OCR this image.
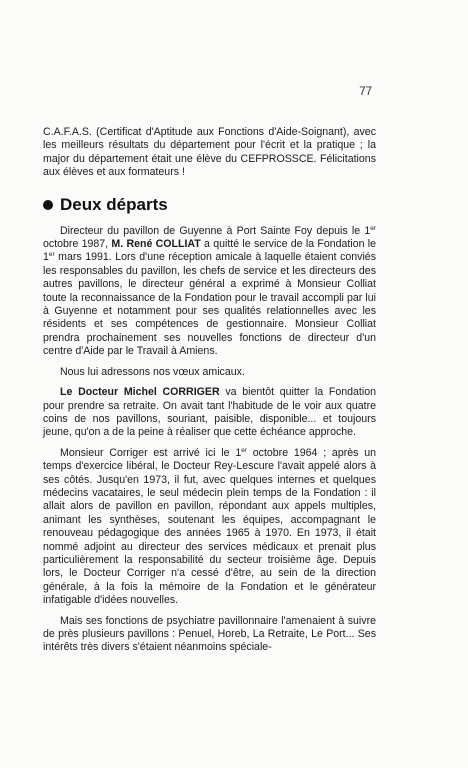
77

C.A.F.A.S. (Certificat d'Aptitude aux Fonctions d'Aide-Soignant), avec les meilleurs résultats du département pour l'écrit et la pratique ; la major du département était une élève du CEFPROSSCE. Félicitations aux élèves et aux formateurs !

Deux départs

Directeur du pavillon de Guyenne à Port Sainte Foy depuis le 1er octobre 1987, M. René COLLIAT a quitté le service de la Fondation le 1er mars 1991. Lors d'une réception amicale à laquelle étaient conviés les responsables du pavillon, les chefs de service et les directeurs des autres pavillons, le directeur général a exprimé à Monsieur Colliat toute la reconnaissance de la Fondation pour le travail accompli par lui à Guyenne et notamment pour ses qualités relationnelles avec les résidents et ses compétences de gestionnaire. Monsieur Colliat prendra prochainement ses nouvelles fonctions de directeur d'un centre d'Aide par le Travail à Amiens.

Nous lui adressons nos vœux amicaux.

Le Docteur Michel CORRIGER va bientôt quitter la Fondation pour prendre sa retraite. On avait tant l'habitude de le voir aux quatre coins de nos pavillons, souriant, paisible, disponible... et toujours jeune, qu'on a de la peine à réaliser que cette échéance approche.

Monsieur Corriger est arrivé ici le 1er octobre 1964 ; après un temps d'exercice libéral, le Docteur Rey-Lescure l'avait appelé alors à ses côtés. Jusqu'en 1973, il fut, avec quelques internes et quelques médecins vacataires, le seul médecin plein temps de la Fondation : il allait alors de pavillon en pavillon, répondant aux appels multiples, animant les synthèses, soutenant les équipes, accompagnant le renouveau pédagogique des années 1965 à 1970. En 1973, il était nommé adjoint au directeur des services médicaux et prenait plus particulièrement la responsabilité du secteur troisième âge. Depuis lors, le Docteur Corriger n'a cessé d'être, au sein de la direction générale, à la fois la mémoire de la Fondation et le générateur infatigable d'idées nouvelles.

Mais ses fonctions de psychiatre pavillonnaire l'amenaient à suivre de près plusieurs pavillons : Penuel, Horeb, La Retraite, Le Port... Ses intérêts très divers s'étaient néanmoins spéciale-
